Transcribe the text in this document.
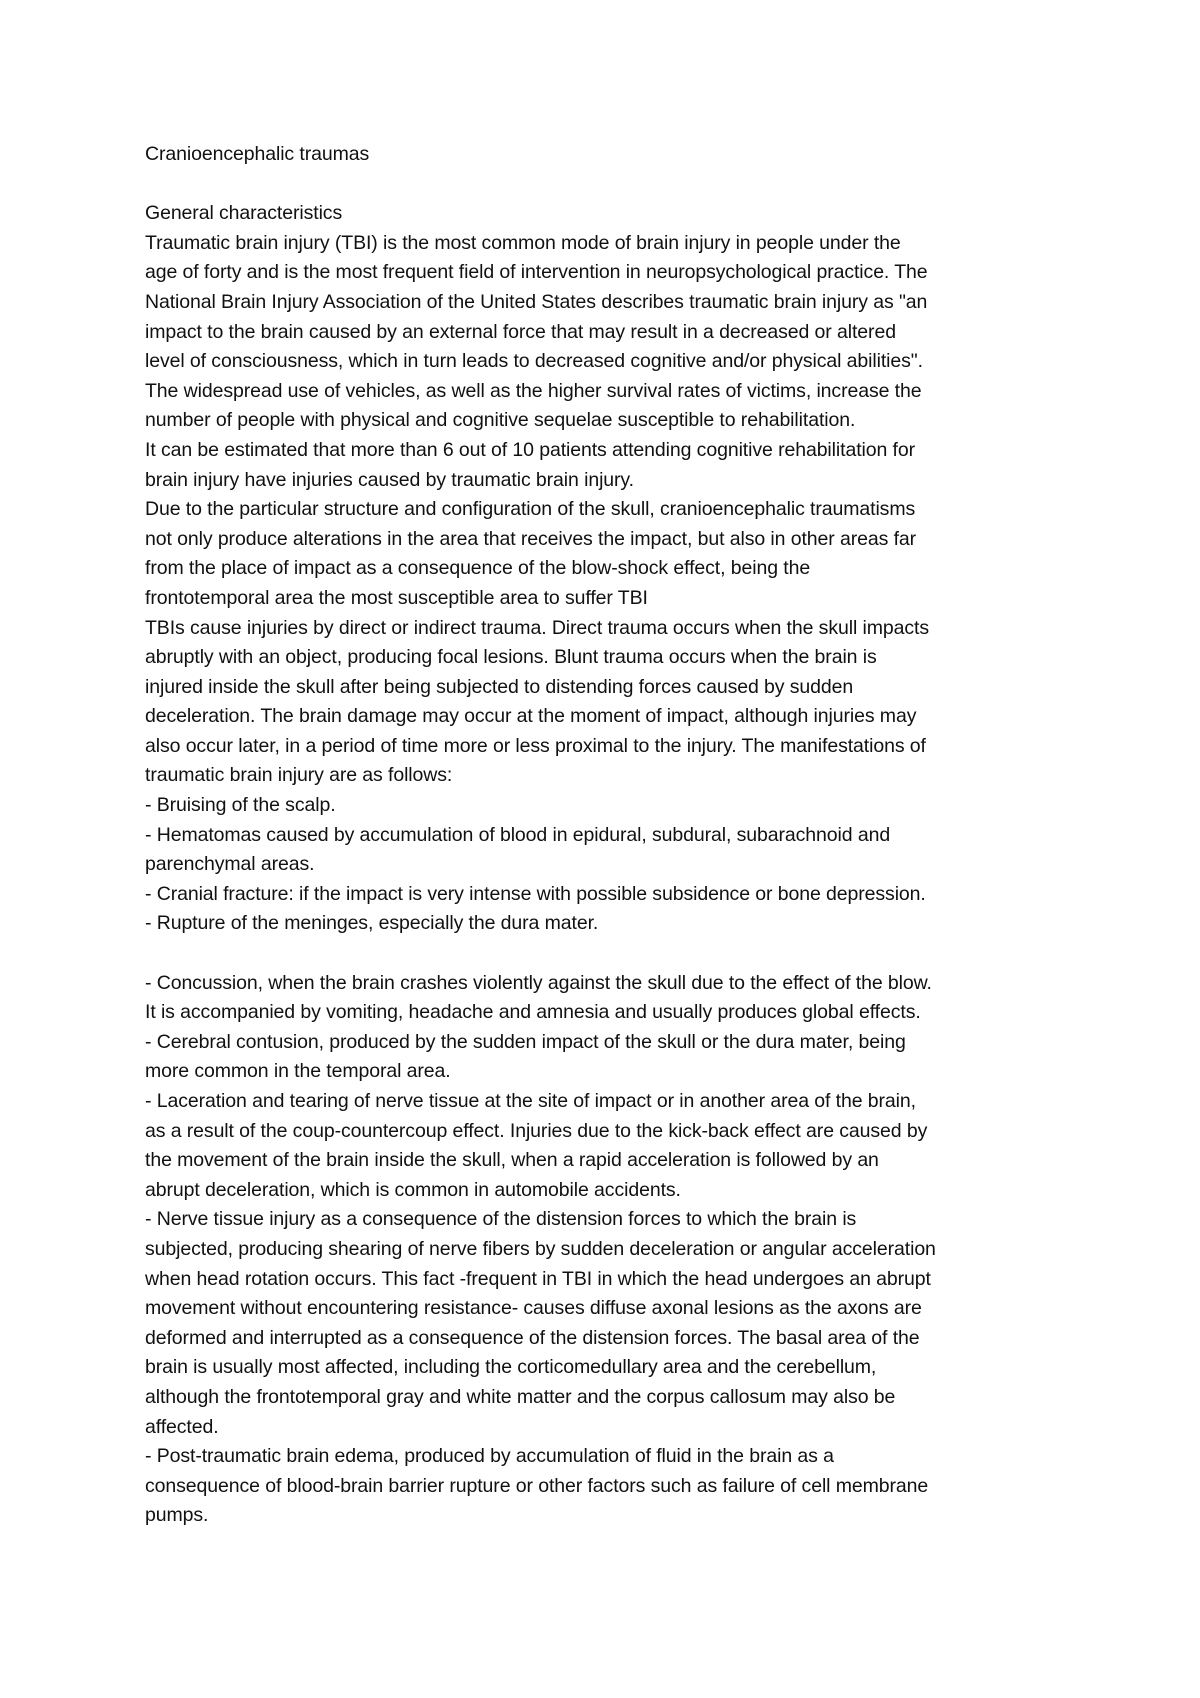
Cranioencephalic traumas
General characteristics
Traumatic brain injury (TBI) is the most common mode of brain injury in people under the
age of forty and is the most frequent field of intervention in neuropsychological practice. The
National Brain Injury Association of the United States describes traumatic brain injury as "an
impact to the brain caused by an external force that may result in a decreased or altered
level of consciousness, which in turn leads to decreased cognitive and/or physical abilities".
The widespread use of vehicles, as well as the higher survival rates of victims, increase the
number of people with physical and cognitive sequelae susceptible to rehabilitation.
It can be estimated that more than 6 out of 10 patients attending cognitive rehabilitation for
brain injury have injuries caused by traumatic brain injury.
Due to the particular structure and configuration of the skull, cranioencephalic traumatisms
not only produce alterations in the area that receives the impact, but also in other areas far
from the place of impact as a consequence of the blow-shock effect, being the
frontotemporal area the most susceptible area to suffer TBI
TBIs cause injuries by direct or indirect trauma. Direct trauma occurs when the skull impacts
abruptly with an object, producing focal lesions. Blunt trauma occurs when the brain is
injured inside the skull after being subjected to distending forces caused by sudden
deceleration. The brain damage may occur at the moment of impact, although injuries may
also occur later, in a period of time more or less proximal to the injury. The manifestations of
traumatic brain injury are as follows:
- Bruising of the scalp.
- Hematomas caused by accumulation of blood in epidural, subdural, subarachnoid and
parenchymal areas.
- Cranial fracture: if the impact is very intense with possible subsidence or bone depression.
- Rupture of the meninges, especially the dura mater.
- Concussion, when the brain crashes violently against the skull due to the effect of the blow.
It is accompanied by vomiting, headache and amnesia and usually produces global effects.
- Cerebral contusion, produced by the sudden impact of the skull or the dura mater, being
more common in the temporal area.
- Laceration and tearing of nerve tissue at the site of impact or in another area of the brain,
as a result of the coup-countercoup effect. Injuries due to the kick-back effect are caused by
the movement of the brain inside the skull, when a rapid acceleration is followed by an
abrupt deceleration, which is common in automobile accidents.
- Nerve tissue injury as a consequence of the distension forces to which the brain is
subjected, producing shearing of nerve fibers by sudden deceleration or angular acceleration
when head rotation occurs. This fact -frequent in TBI in which the head undergoes an abrupt
movement without encountering resistance- causes diffuse axonal lesions as the axons are
deformed and interrupted as a consequence of the distension forces. The basal area of the
brain is usually most affected, including the corticomedullary area and the cerebellum,
although the frontotemporal gray and white matter and the corpus callosum may also be
affected.
- Post-traumatic brain edema, produced by accumulation of fluid in the brain as a
consequence of blood-brain barrier rupture or other factors such as failure of cell membrane
pumps.
